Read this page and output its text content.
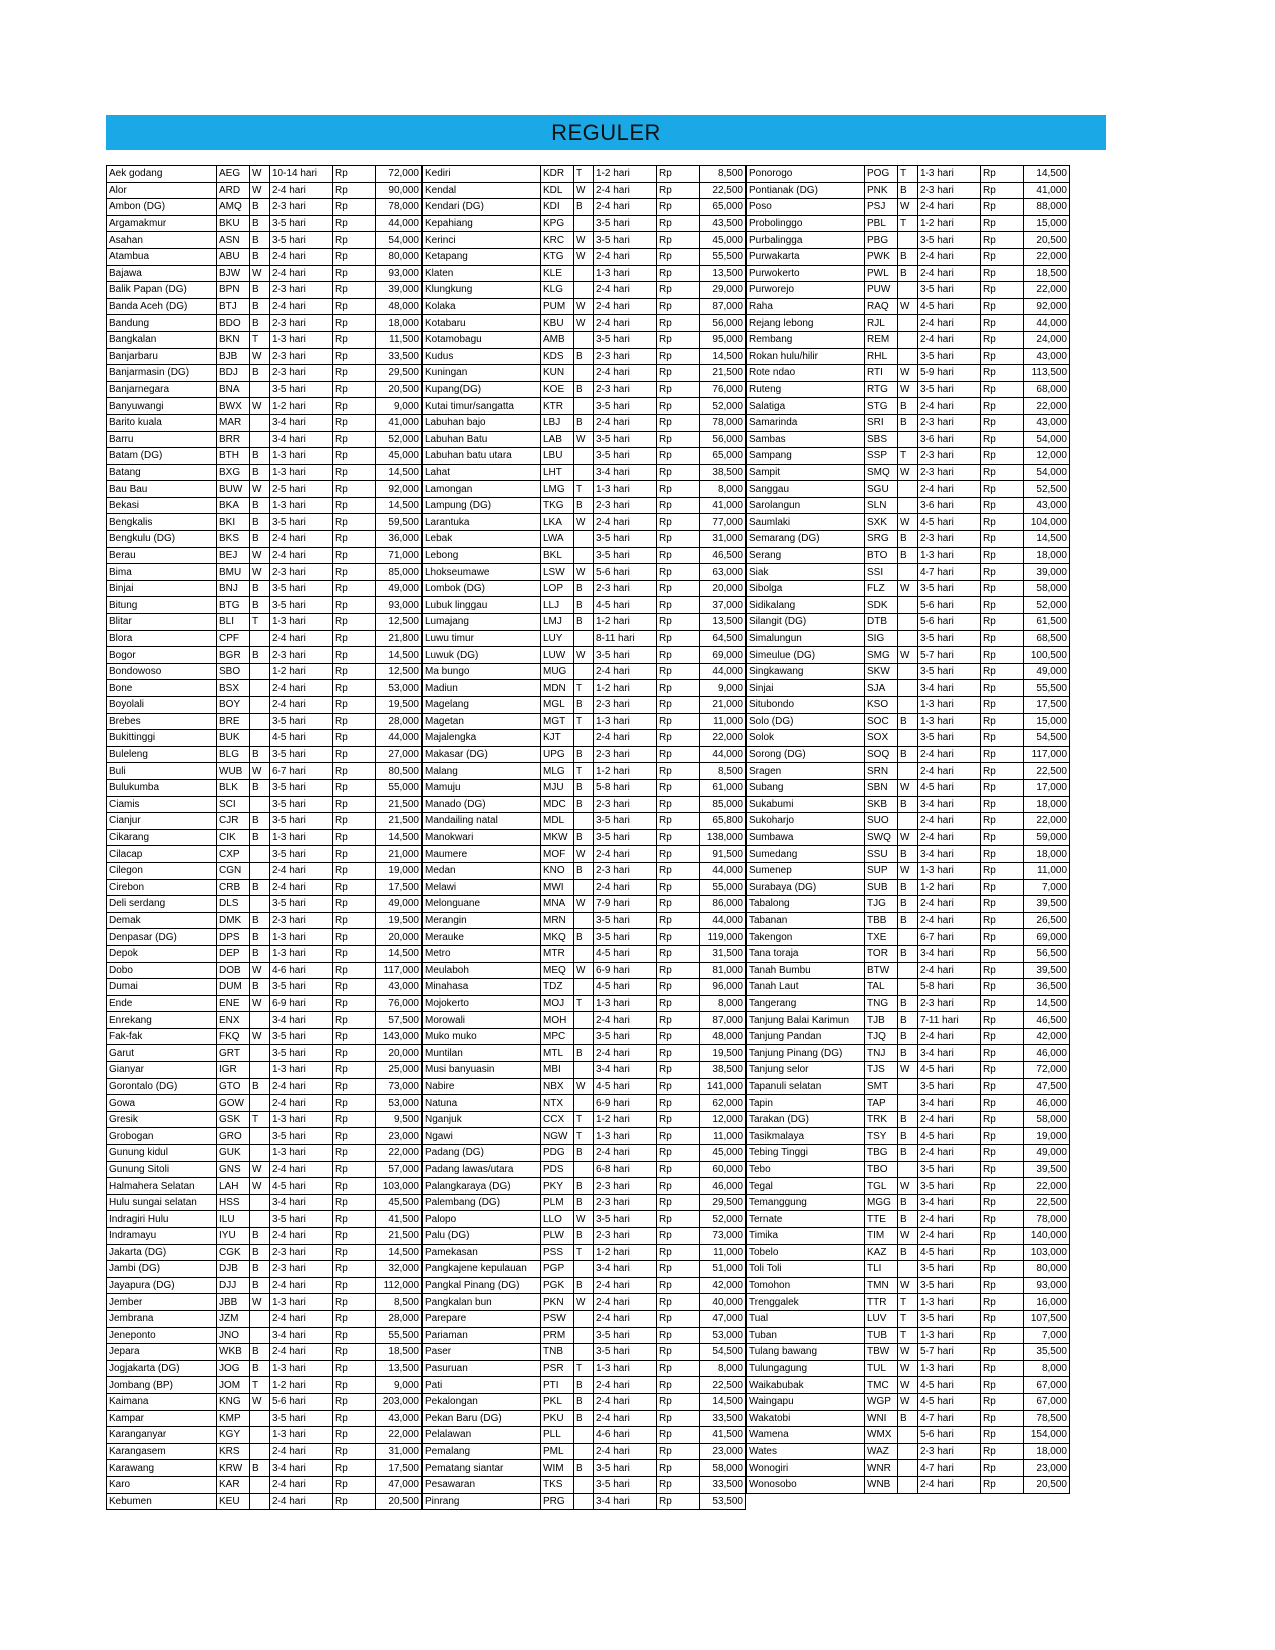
REGULER
Aek godang	AEG	W	10-14 hari	Rp	72,000
Alor	ARD	W	2-4 hari	Rp	90,000
Ambon (DG)	AMQ	B	2-3 hari	Rp	78,000
Argamakmur	BKU	B	3-5 hari	Rp	44,000
Asahan	ASN	B	3-5 hari	Rp	54,000
Atambua	ABU	B	2-4 hari	Rp	80,000
Bajawa	BJW	W	2-4 hari	Rp	93,000
Balik Papan (DG)	BPN	B	2-3 hari	Rp	39,000
Banda Aceh (DG)	BTJ	B	2-4 hari	Rp	48,000
Bandung	BDO	B	2-3 hari	Rp	18,000
Bangkalan	BKN	T	1-3 hari	Rp	11,500
Banjarbaru	BJB	W	2-3 hari	Rp	33,500
Banjarmasin (DG)	BDJ	B	2-3 hari	Rp	29,500
Banjarnegara	BNA		3-5 hari	Rp	20,500
Banyuwangi	BWX	W	1-2 hari	Rp	9,000
Barito kuala	MAR		3-4 hari	Rp	41,000
Barru	BRR		3-4 hari	Rp	52,000
Batam (DG)	BTH	B	1-3 hari	Rp	45,000
Batang	BXG	B	1-3 hari	Rp	14,500
Bau Bau	BUW	W	2-5 hari	Rp	92,000
Bekasi	BKA	B	1-3 hari	Rp	14,500
Bengkalis	BKI	B	3-5 hari	Rp	59,500
Bengkulu (DG)	BKS	B	2-4 hari	Rp	36,000
Berau	BEJ	W	2-4 hari	Rp	71,000
Bima	BMU	W	2-3 hari	Rp	85,000
Binjai	BNJ	B	3-5 hari	Rp	49,000
Bitung	BTG	B	3-5 hari	Rp	93,000
Blitar	BLI	T	1-3 hari	Rp	12,500
Blora	CPF		2-4 hari	Rp	21,800
Bogor	BGR	B	2-3 hari	Rp	14,500
Bondowoso	SBO		1-2 hari	Rp	12,500
Bone	BSX		2-4 hari	Rp	53,000
Boyolali	BOY		2-4 hari	Rp	19,500
Brebes	BRE		3-5 hari	Rp	28,000
Bukittinggi	BUK		4-5 hari	Rp	44,000
Buleleng	BLG	B	3-5 hari	Rp	27,000
Buli	WUB	W	6-7 hari	Rp	80,500
Bulukumba	BLK	B	3-5 hari	Rp	55,000
Ciamis	SCI		3-5 hari	Rp	21,500
Cianjur	CJR	B	3-5 hari	Rp	21,500
Cikarang	CIK	B	1-3 hari	Rp	14,500
Cilacap	CXP		3-5 hari	Rp	21,000
Cilegon	CGN		2-4 hari	Rp	19,000
Cirebon	CRB	B	2-4 hari	Rp	17,500
Deli serdang	DLS		3-5 hari	Rp	49,000
Demak	DMK	B	2-3 hari	Rp	19,500
Denpasar (DG)	DPS	B	1-3 hari	Rp	20,000
Depok	DEP	B	1-3 hari	Rp	14,500
Dobo	DOB	W	4-6 hari	Rp	117,000
Dumai	DUM	B	3-5 hari	Rp	43,000
Ende	ENE	W	6-9 hari	Rp	76,000
Enrekang	ENX		3-4 hari	Rp	57,500
Fak-fak	FKQ	W	3-5 hari	Rp	143,000
Garut	GRT		3-5 hari	Rp	20,000
Gianyar	IGR		1-3 hari	Rp	25,000
Gorontalo (DG)	GTO	B	2-4 hari	Rp	73,000
Gowa	GOW		2-4 hari	Rp	53,000
Gresik	GSK	T	1-3 hari	Rp	9,500
Grobogan	GRO		3-5 hari	Rp	23,000
Gunung kidul	GUK		1-3 hari	Rp	22,000
Gunung Sitoli	GNS	W	2-4 hari	Rp	57,000
Halmahera Selatan	LAH	W	4-5 hari	Rp	103,000
Hulu sungai selatan	HSS		3-4 hari	Rp	45,500
Indragiri Hulu	ILU		3-5 hari	Rp	41,500
Indramayu	IYU	B	2-4 hari	Rp	21,500
Jakarta (DG)	CGK	B	2-3 hari	Rp	14,500
Jambi (DG)	DJB	B	2-3 hari	Rp	32,000
Jayapura (DG)	DJJ	B	2-4 hari	Rp	112,000
Jember	JBB	W	1-3 hari	Rp	8,500
Jembrana	JZM		2-4 hari	Rp	28,000
Jeneponto	JNO		3-4 hari	Rp	55,500
Jepara	WKB	B	2-4 hari	Rp	18,500
Jogjakarta (DG)	JOG	B	1-3 hari	Rp	13,500
Jombang (BP)	JOM	T	1-2 hari	Rp	9,000
Kaimana	KNG	W	5-6 hari	Rp	203,000
Kampar	KMP		3-5 hari	Rp	43,000
Karanganyar	KGY		1-3 hari	Rp	22,000
Karangasem	KRS		2-4 hari	Rp	31,000
Karawang	KRW	B	3-4 hari	Rp	17,500
Karo	KAR		2-4 hari	Rp	47,000
Kebumen	KEU		2-4 hari	Rp	20,500
Kediri	KDR	T	1-2 hari	Rp	8,500
Kendal	KDL	W	2-4 hari	Rp	22,500
Kendari (DG)	KDI	B	2-4 hari	Rp	65,000
Kepahiang	KPG		3-5 hari	Rp	43,500
Kerinci	KRC	W	3-5 hari	Rp	45,000
Ketapang	KTG	W	2-4 hari	Rp	55,500
Klaten	KLE		1-3 hari	Rp	13,500
Klungkung	KLG		2-4 hari	Rp	29,000
Kolaka	PUM	W	2-4 hari	Rp	87,000
Kotabaru	KBU	W	2-4 hari	Rp	56,000
Kotamobagu	AMB		3-5 hari	Rp	95,000
Kudus	KDS	B	2-3 hari	Rp	14,500
Kuningan	KUN		2-4 hari	Rp	21,500
Kupang(DG)	KOE	B	2-3 hari	Rp	76,000
Kutai timur/sangatta	KTR		3-5 hari	Rp	52,000
Labuhan bajo	LBJ	B	2-4 hari	Rp	78,000
Labuhan Batu	LAB	W	3-5 hari	Rp	56,000
Labuhan batu utara	LBU		3-5 hari	Rp	65,000
Lahat	LHT		3-4 hari	Rp	38,500
Lamongan	LMG	T	1-3 hari	Rp	8,000
Lampung (DG)	TKG	B	2-3 hari	Rp	41,000
Larantuka	LKA	W	2-4 hari	Rp	77,000
Lebak	LWA		3-5 hari	Rp	31,000
Lebong	BKL		3-5 hari	Rp	46,500
Lhokseumawe	LSW	W	5-6 hari	Rp	63,000
Lombok (DG)	LOP	B	2-3 hari	Rp	20,000
Lubuk linggau	LLJ	B	4-5 hari	Rp	37,000
Lumajang	LMJ	B	1-2 hari	Rp	13,500
Luwu timur	LUY		8-11 hari	Rp	64,500
Luwuk (DG)	LUW	W	3-5 hari	Rp	69,000
Ma bungo	MUG		2-4 hari	Rp	44,000
Madiun	MDN	T	1-2 hari	Rp	9,000
Magelang	MGL	B	2-3 hari	Rp	21,000
Magetan	MGT	T	1-3 hari	Rp	11,000
Majalengka	KJT		2-4 hari	Rp	22,000
Makasar (DG)	UPG	B	2-3 hari	Rp	44,000
Malang	MLG	T	1-2 hari	Rp	8,500
Mamuju	MJU	B	5-8 hari	Rp	61,000
Manado (DG)	MDC	B	2-3 hari	Rp	85,000
Mandailing natal	MDL		3-5 hari	Rp	65,800
Manokwari	MKW	B	3-5 hari	Rp	138,000
Maumere	MOF	W	2-4 hari	Rp	91,500
Medan	KNO	B	2-3 hari	Rp	44,000
Melawi	MWI		2-4 hari	Rp	55,000
Melonguane	MNA	W	7-9 hari	Rp	86,000
Merangin	MRN		3-5 hari	Rp	44,000
Merauke	MKQ	B	3-5 hari	Rp	119,000
Metro	MTR		4-5 hari	Rp	31,500
Meulaboh	MEQ	W	6-9 hari	Rp	81,000
Minahasa	TDZ		4-5 hari	Rp	96,000
Mojokerto	MOJ	T	1-3 hari	Rp	8,000
Morowali	MOH		2-4 hari	Rp	87,000
Muko muko	MPC		3-5 hari	Rp	48,000
Muntilan	MTL	B	2-4 hari	Rp	19,500
Musi banyuasin	MBI		3-4 hari	Rp	38,500
Nabire	NBX	W	4-5 hari	Rp	141,000
Natuna	NTX		6-9 hari	Rp	62,000
Nganjuk	CCX	T	1-2 hari	Rp	12,000
Ngawi	NGW	T	1-3 hari	Rp	11,000
Padang (DG)	PDG	B	2-4 hari	Rp	45,000
Padang lawas/utara	PDS		6-8 hari	Rp	60,000
Palangkaraya (DG)	PKY	B	2-3 hari	Rp	46,000
Palembang (DG)	PLM	B	2-3 hari	Rp	29,500
Palopo	LLO	W	3-5 hari	Rp	52,000
Palu (DG)	PLW	B	2-3 hari	Rp	73,000
Pamekasan	PSS	T	1-2 hari	Rp	11,000
Pangkajene kepulauan	PGP		3-4 hari	Rp	51,000
Pangkal Pinang (DG)	PGK	B	2-4 hari	Rp	42,000
Pangkalan bun	PKN	W	2-4 hari	Rp	40,000
Parepare	PSW		2-4 hari	Rp	47,000
Pariaman	PRM		3-5 hari	Rp	53,000
Paser	TNB		3-5 hari	Rp	54,500
Pasuruan	PSR	T	1-3 hari	Rp	8,000
Pati	PTI	B	2-4 hari	Rp	22,500
Pekalongan	PKL	B	2-4 hari	Rp	14,500
Pekan Baru (DG)	PKU	B	2-4 hari	Rp	33,500
Pelalawan	PLL		4-6 hari	Rp	41,500
Pemalang	PML		2-4 hari	Rp	23,000
Pematang siantar	WIM	B	3-5 hari	Rp	58,000
Pesawaran	TKS		3-5 hari	Rp	33,500
Pinrang	PRG		3-4 hari	Rp	53,500
Ponorogo	POG	T	1-3 hari	Rp	14,500
Pontianak (DG)	PNK	B	2-3 hari	Rp	41,000
Poso	PSJ	W	2-4 hari	Rp	88,000
Probolinggo	PBL	T	1-2 hari	Rp	15,000
Purbalingga	PBG		3-5 hari	Rp	20,500
Purwakarta	PWK	B	2-4 hari	Rp	22,000
Purwokerto	PWL	B	2-4 hari	Rp	18,500
Purworejo	PUW		3-5 hari	Rp	22,000
Raha	RAQ	W	4-5 hari	Rp	92,000
Rejang lebong	RJL		2-4 hari	Rp	44,000
Rembang	REM		2-4 hari	Rp	24,000
Rokan hulu/hilir	RHL		3-5 hari	Rp	43,000
Rote ndao	RTI	W	5-9 hari	Rp	113,500
Ruteng	RTG	W	3-5 hari	Rp	68,000
Salatiga	STG	B	2-4 hari	Rp	22,000
Samarinda	SRI	B	2-3 hari	Rp	43,000
Sambas	SBS		3-6 hari	Rp	54,000
Sampang	SSP	T	2-3 hari	Rp	12,000
Sampit	SMQ	W	2-3 hari	Rp	54,000
Sanggau	SGU		2-4 hari	Rp	52,500
Sarolangun	SLN		3-6 hari	Rp	43,000
Saumlaki	SXK	W	4-5 hari	Rp	104,000
Semarang (DG)	SRG	B	2-3 hari	Rp	14,500
Serang	BTO	B	1-3 hari	Rp	18,000
Siak	SSI		4-7 hari	Rp	39,000
Sibolga	FLZ	W	3-5 hari	Rp	58,000
Sidikalang	SDK		5-6 hari	Rp	52,000
Silangit (DG)	DTB		5-6 hari	Rp	61,500
Simalungun	SIG		3-5 hari	Rp	68,500
Simeulue (DG)	SMG	W	5-7 hari	Rp	100,500
Singkawang	SKW		3-5 hari	Rp	49,000
Sinjai	SJA		3-4 hari	Rp	55,500
Situbondo	KSO		1-3 hari	Rp	17,500
Solo (DG)	SOC	B	1-3 hari	Rp	15,000
Solok	SOX		3-5 hari	Rp	54,500
Sorong (DG)	SOQ	B	2-4 hari	Rp	117,000
Sragen	SRN		2-4 hari	Rp	22,500
Subang	SBN	W	4-5 hari	Rp	17,000
Sukabumi	SKB	B	3-4 hari	Rp	18,000
Sukoharjo	SUO		2-4 hari	Rp	22,000
Sumbawa	SWQ	W	2-4 hari	Rp	59,000
Sumedang	SSU	B	3-4 hari	Rp	18,000
Sumenep	SUP	W	1-3 hari	Rp	11,000
Surabaya (DG)	SUB	B	1-2 hari	Rp	7,000
Tabalong	TJG	B	2-4 hari	Rp	39,500
Tabanan	TBB	B	2-4 hari	Rp	26,500
Takengon	TXE		6-7 hari	Rp	69,000
Tana toraja	TOR	B	3-4 hari	Rp	56,500
Tanah Bumbu	BTW		2-4 hari	Rp	39,500
Tanah Laut	TAL		5-8 hari	Rp	36,500
Tangerang	TNG	B	2-3 hari	Rp	14,500
Tanjung Balai Karimun	TJB	B	7-11 hari	Rp	46,500
Tanjung Pandan	TJQ	B	2-4 hari	Rp	42,000
Tanjung Pinang (DG)	TNJ	B	3-4 hari	Rp	46,000
Tanjung selor	TJS	W	4-5 hari	Rp	72,000
Tapanuli selatan	SMT		3-5 hari	Rp	47,500
Tapin	TAP		3-4 hari	Rp	46,000
Tarakan (DG)	TRK	B	2-4 hari	Rp	58,000
Tasikmalaya	TSY	B	4-5 hari	Rp	19,000
Tebing Tinggi	TBG	B	2-4 hari	Rp	49,000
Tebo	TBO		3-5 hari	Rp	39,500
Tegal	TGL	W	3-5 hari	Rp	22,000
Temanggung	MGG	B	3-4 hari	Rp	22,500
Ternate	TTE	B	2-4 hari	Rp	78,000
Timika	TIM	W	2-4 hari	Rp	140,000
Tobelo	KAZ	B	4-5 hari	Rp	103,000
Toli Toli	TLI		3-5 hari	Rp	80,000
Tomohon	TMN	W	3-5 hari	Rp	93,000
Trenggalek	TTR	T	1-3 hari	Rp	16,000
Tual	LUV	T	3-5 hari	Rp	107,500
Tuban	TUB	T	1-3 hari	Rp	7,000
Tulang bawang	TBW	W	5-7 hari	Rp	35,500
Tulungagung	TUL	W	1-3 hari	Rp	8,000
Waikabubak	TMC	W	4-5 hari	Rp	67,000
Waingapu	WGP	W	4-5 hari	Rp	67,000
Wakatobi	WNI	B	4-7 hari	Rp	78,500
Wamena	WMX		5-6 hari	Rp	154,000
Wates	WAZ		2-3 hari	Rp	18,000
Wonogiri	WNR		4-7 hari	Rp	23,000
Wonosobo	WNB		2-4 hari	Rp	20,500
